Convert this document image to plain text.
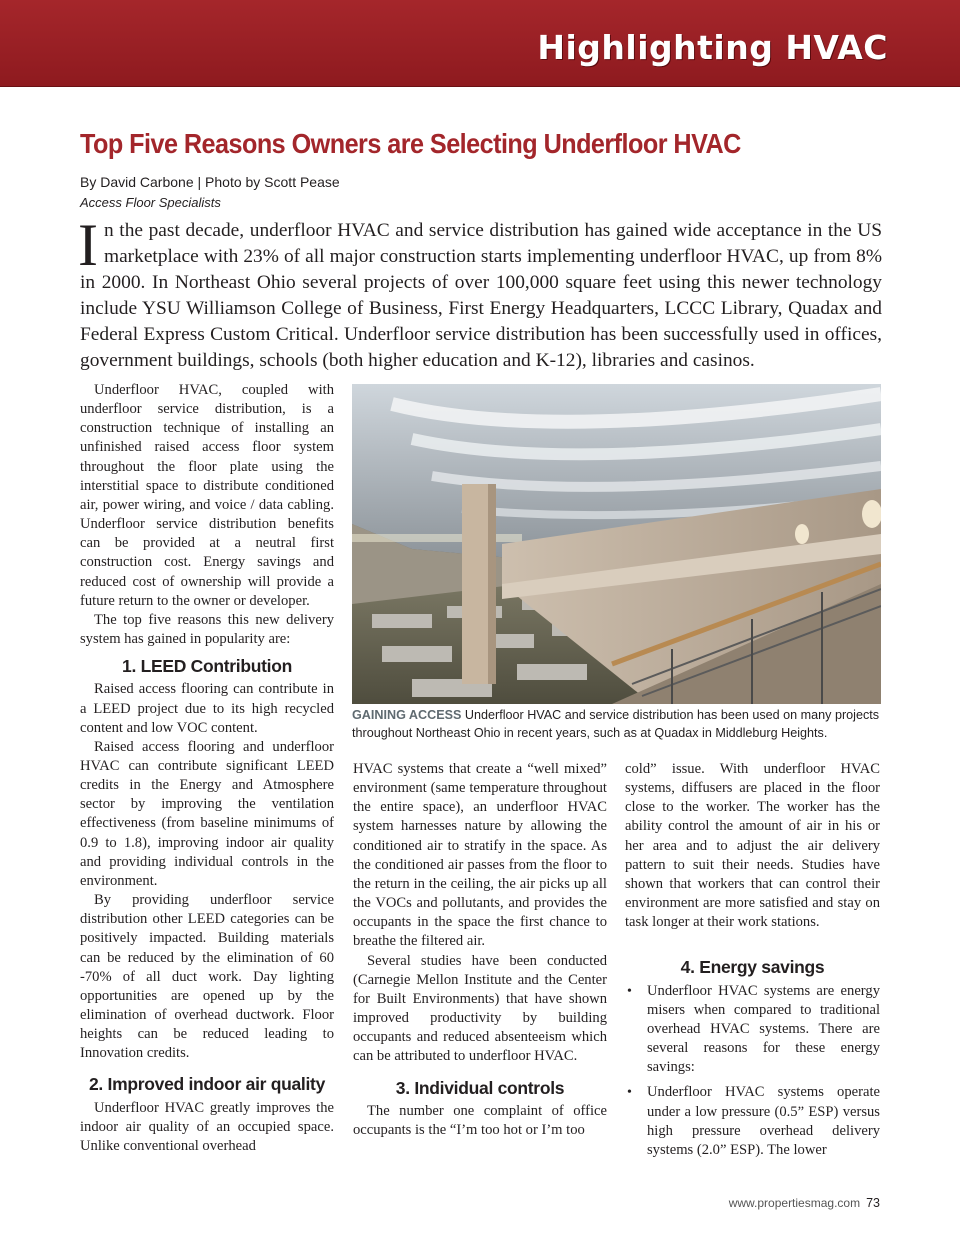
Highlighting HVAC
Top Five Reasons Owners are Selecting Underfloor HVAC
By David Carbone | Photo by Scott Pease
Access Floor Specialists
In the past decade, underfloor HVAC and service distribution has gained wide acceptance in the US marketplace with 23% of all major construction starts implementing underfloor HVAC, up from 8% in 2000. In Northeast Ohio several projects of over 100,000 square feet using this newer technology include YSU Williamson College of Business, First Energy Headquarters, LCCC Library, Quadax and Federal Express Custom Critical. Underfloor service distribution has been successfully used in offices, government buildings, schools (both higher education and K-12), libraries and casinos.

Underfloor HVAC, coupled with underfloor service distribution, is a construction technique of installing an unfinished raised access floor system throughout the floor plate using the interstitial space to distribute conditioned air, power wiring, and voice / data cabling. Underfloor service distribution benefits can be provided at a neutral first construction cost. Energy savings and reduced cost of ownership will provide a future return to the owner or developer.

The top five reasons this new delivery system has gained in popularity are:

1. LEED Contribution

Raised access flooring can contribute in a LEED project due to its high recycled content and low VOC content.

Raised access flooring and underfloor HVAC can contribute significant LEED credits in the Energy and Atmosphere sector by improving the ventilation effectiveness (from baseline minimums of 0.9 to 1.8), improving indoor air quality and providing individual controls in the environment.

By providing underfloor service distribution other LEED categories can be positively impacted. Building materials can be reduced by the elimination of 60 -70% of all duct work. Day lighting opportunities are opened up by the elimination of overhead ductwork. Floor heights can be reduced leading to Innovation credits.

2. Improved indoor air quality

Underfloor HVAC greatly improves the indoor air quality of an occupied space. Unlike conventional overhead

GAINING ACCESS Underfloor HVAC and service distribution has been used on many projects throughout Northeast Ohio in recent years, such as at Quadax in Middleburg Heights.

HVAC systems that create a “well mixed” environment (same temperature throughout the entire space), an underfloor HVAC system harnesses nature by allowing the conditioned air to stratify in the space. As the conditioned air passes from the floor to the return in the ceiling, the air picks up all the VOCs and pollutants, and provides the occupants in the space the first chance to breathe the filtered air.

Several studies have been conducted (Carnegie Mellon Institute and the Center for Built Environments) that have shown improved productivity by building occupants and reduced absenteeism which can be attributed to underfloor HVAC.

3. Individual controls

The number one complaint of office occupants is the “I’m too hot or I’m too

cold” issue. With underfloor HVAC systems, diffusers are placed in the floor close to the worker. The worker has the ability control the amount of air in his or her area and to adjust the air delivery pattern to suit their needs. Studies have shown that workers that can control their environment are more satisfied and stay on task longer at their work stations.

4. Energy savings
• Underfloor HVAC systems are energy misers when compared to traditional overhead HVAC systems. There are several reasons for these energy savings:
• Underfloor HVAC systems operate under a low pressure (0.5” ESP) versus high pressure overhead delivery systems (2.0” ESP). The lower
www.propertiesmag.com 73
